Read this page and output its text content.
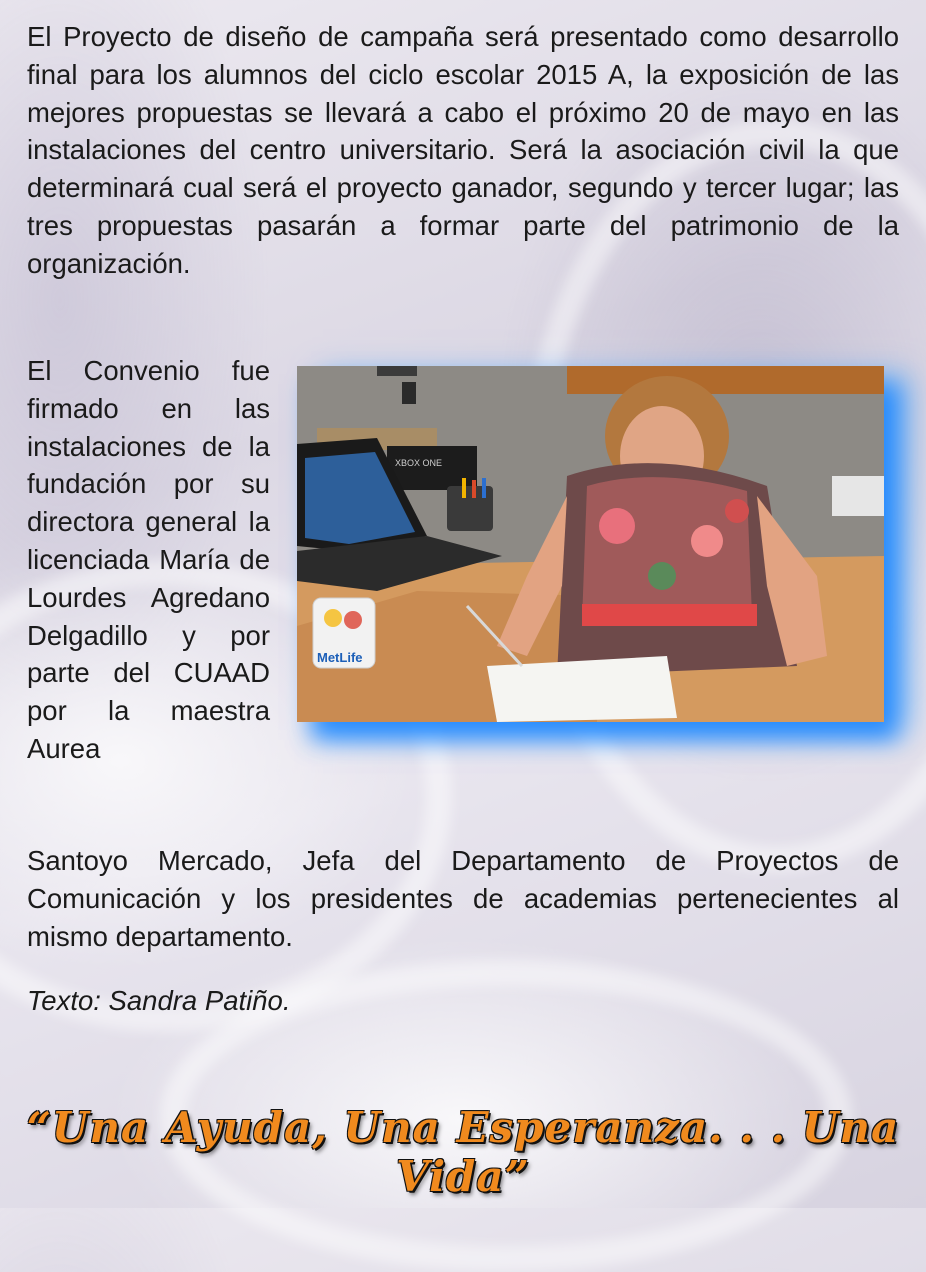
El Proyecto de diseño de campaña será presentado como desarrollo final para los alumnos del ciclo escolar 2015 A, la exposición de las mejores propuestas se llevará a cabo el próximo 20 de mayo en las instalaciones del centro universitario. Será la asociación civil la que determinará cual será el proyecto ganador, segundo y tercer lugar; las tres propuestas pasarán a formar parte del patrimonio de la organización.

El Convenio fue firmado en las instalaciones de la fundación por su directora general la licenciada María de Lourdes Agredano Delgadillo y por parte del CUAAD por la maestra Aurea

XBOX ONE
MetLife

Santoyo Mercado, Jefa del Departamento de Proyectos de Comunicación y los presidentes de academias pertenecientes al mismo departamento.

Texto: Sandra Patiño.

“Una Ayuda, Una Esperanza. . . Una Vida”
